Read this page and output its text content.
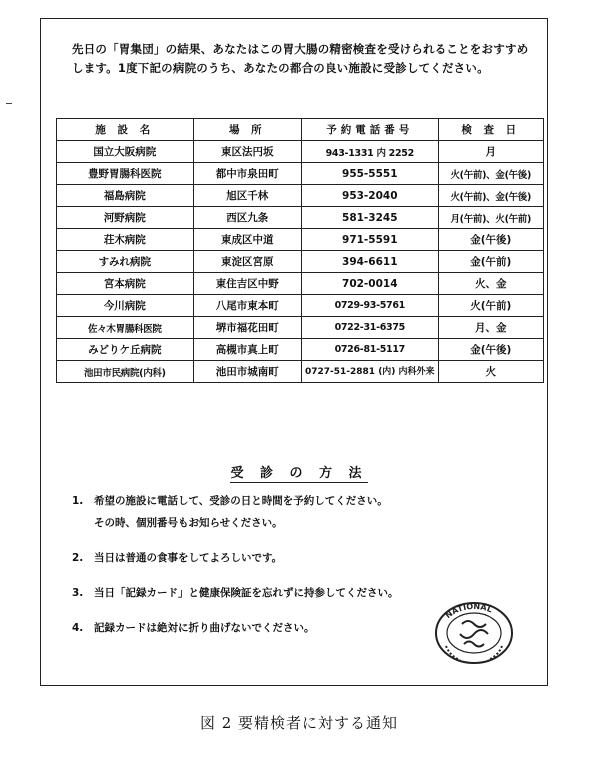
先日の「胃集団」の結果、あなたはこの胃大腸の精密検査を受けられることをおすすめします。1度下記の病院のうち、あなたの都合の良い施設に受診してください。
施 設 名	場 所	予約電話番号	検 査 日
国立大阪病院	東区法円坂	943-1331 内 2252	月
豊野胃腸科医院	都中市泉田町	955-5551	火(午前)、金(午後)
福島病院	旭区千林	953-2040	火(午前)、金(午後)
河野病院	西区九条	581-3245	月(午前)、火(午前)
荘木病院	東成区中道	971-5591	金(午後)
すみれ病院	東淀区宮原	394-6611	金(午前)
宮本病院	東住吉区中野	702-0014	火、金
今川病院	八尾市東本町	0729-93-5761	火(午前)
佐々木胃腸科医院	堺市福花田町	0722-31-6375	月、金
みどりケ丘病院	高槻市真上町	0726-81-5117	金(午後)
池田市民病院(内科)	池田市城南町	0727-51-2881 (内) 内科外来	火
受 診 の 方 法
1. 希望の施設に電話して、受診の日と時間を予約してください。
その時、個別番号もお知らせください。
2. 当日は普通の食事をしてよろしいです。
3. 当日「記録カード」と健康保険証を忘れずに持参してください。
4. 記録カードは絶対に折り曲げないでください。
NATIONAL
図 2 要精検者に対する通知
